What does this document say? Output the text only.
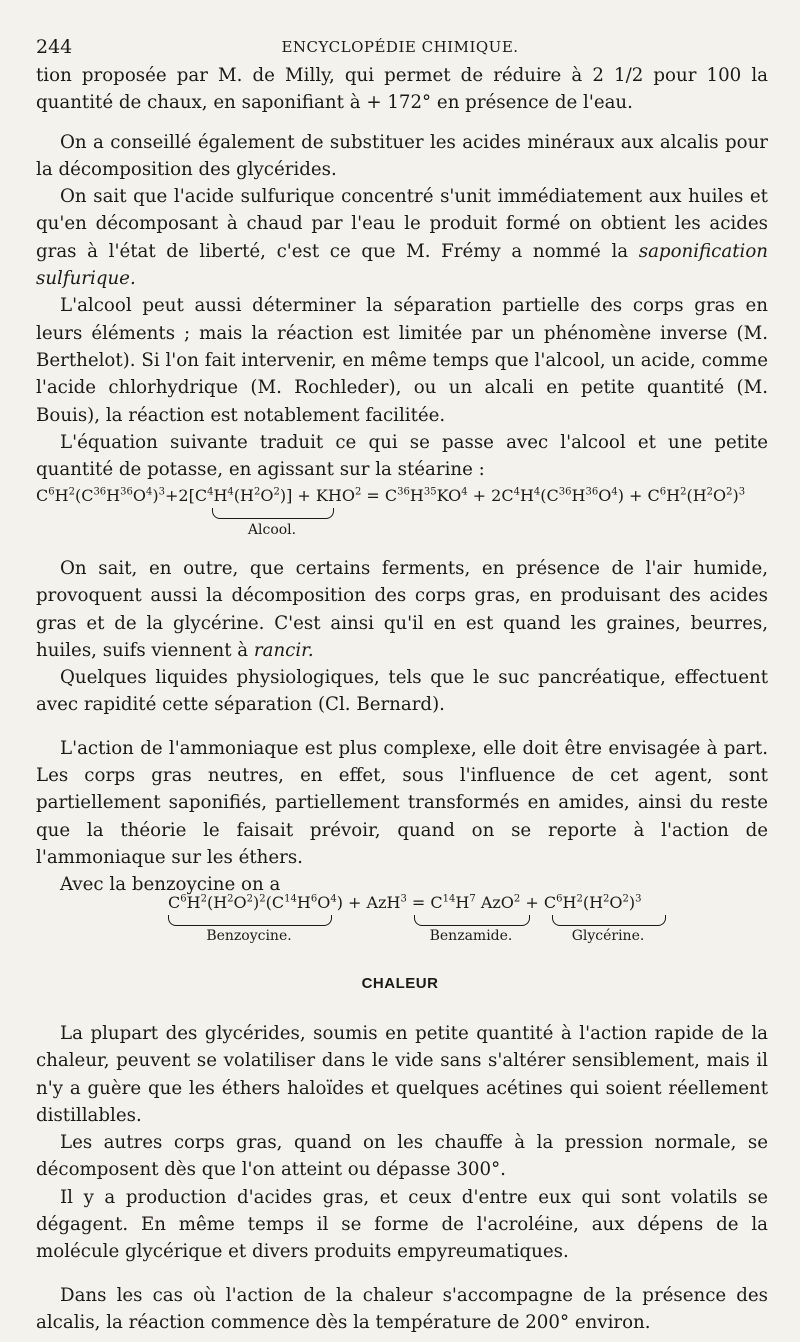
244	ENCYCLOPÉDIE CHIMIQUE.

tion proposée par M. de Milly, qui permet de réduire à 2 1/2 pour 100 la quantité de chaux, en saponifiant à + 172° en présence de l'eau.

On a conseillé également de substituer les acides minéraux aux alcalis pour la décomposition des glycérides.

On sait que l'acide sulfurique concentré s'unit immédiatement aux huiles et qu'en décomposant à chaud par l'eau le produit formé on obtient les acides gras à l'état de liberté, c'est ce que M. Frémy a nommé la saponification sulfurique.

L'alcool peut aussi déterminer la séparation partielle des corps gras en leurs éléments ; mais la réaction est limitée par un phénomène inverse (M. Berthelot). Si l'on fait intervenir, en même temps que l'alcool, un acide, comme l'acide chlorhydrique (M. Rochleder), ou un alcali en petite quantité (M. Bouis), la réaction est notablement facilitée.

L'équation suivante traduit ce qui se passe avec l'alcool et une petite quantité de potasse, en agissant sur la stéarine :

$C^6H^2(C^{36}H^{36}O^4)^3+2[C^4H^4(H^2O^2)] + KHO^2 = C^{36}H^{35}KO^4 + 2C^4H^4(C^{36}H^{36}O^4) + C^6H^2(H^2O^2)^3$
Alcool.

On sait, en outre, que certains ferments, en présence de l'air humide, provoquent aussi la décomposition des corps gras, en produisant des acides gras et de la glycérine. C'est ainsi qu'il en est quand les graines, beurres, huiles, suifs viennent à rancir.

Quelques liquides physiologiques, tels que le suc pancréatique, effectuent avec rapidité cette séparation (Cl. Bernard).

L'action de l'ammoniaque est plus complexe, elle doit être envisagée à part. Les corps gras neutres, en effet, sous l'influence de cet agent, sont partiellement saponifiés, partiellement transformés en amides, ainsi du reste que la théorie le faisait prévoir, quand on se reporte à l'action de l'ammoniaque sur les éthers.

Avec la benzoycine on a

$C^6H^2(H^2O^2)^2(C^{14}H^6O^4) + AzH^3 = C^{14}H^7$ $AzO^2 + C^6H^2(H^2O^2)^3$
Benzoycine.	Benzamide.	Glycérine.
CHALEUR

La plupart des glycérides, soumis en petite quantité à l'action rapide de la chaleur, peuvent se volatiliser dans le vide sans s'altérer sensiblement, mais il n'y a guère que les éthers haloïdes et quelques acétines qui soient réellement distillables.

Les autres corps gras, quand on les chauffe à la pression normale, se décomposent dès que l'on atteint ou dépasse 300°.

Il y a production d'acides gras, et ceux d'entre eux qui sont volatils se dégagent. En même temps il se forme de l'acroléine, aux dépens de la molécule glycérique et divers produits empyreumatiques.

Dans les cas où l'action de la chaleur s'accompagne de la présence des alcalis, la réaction commence dès la température de 200° environ.
